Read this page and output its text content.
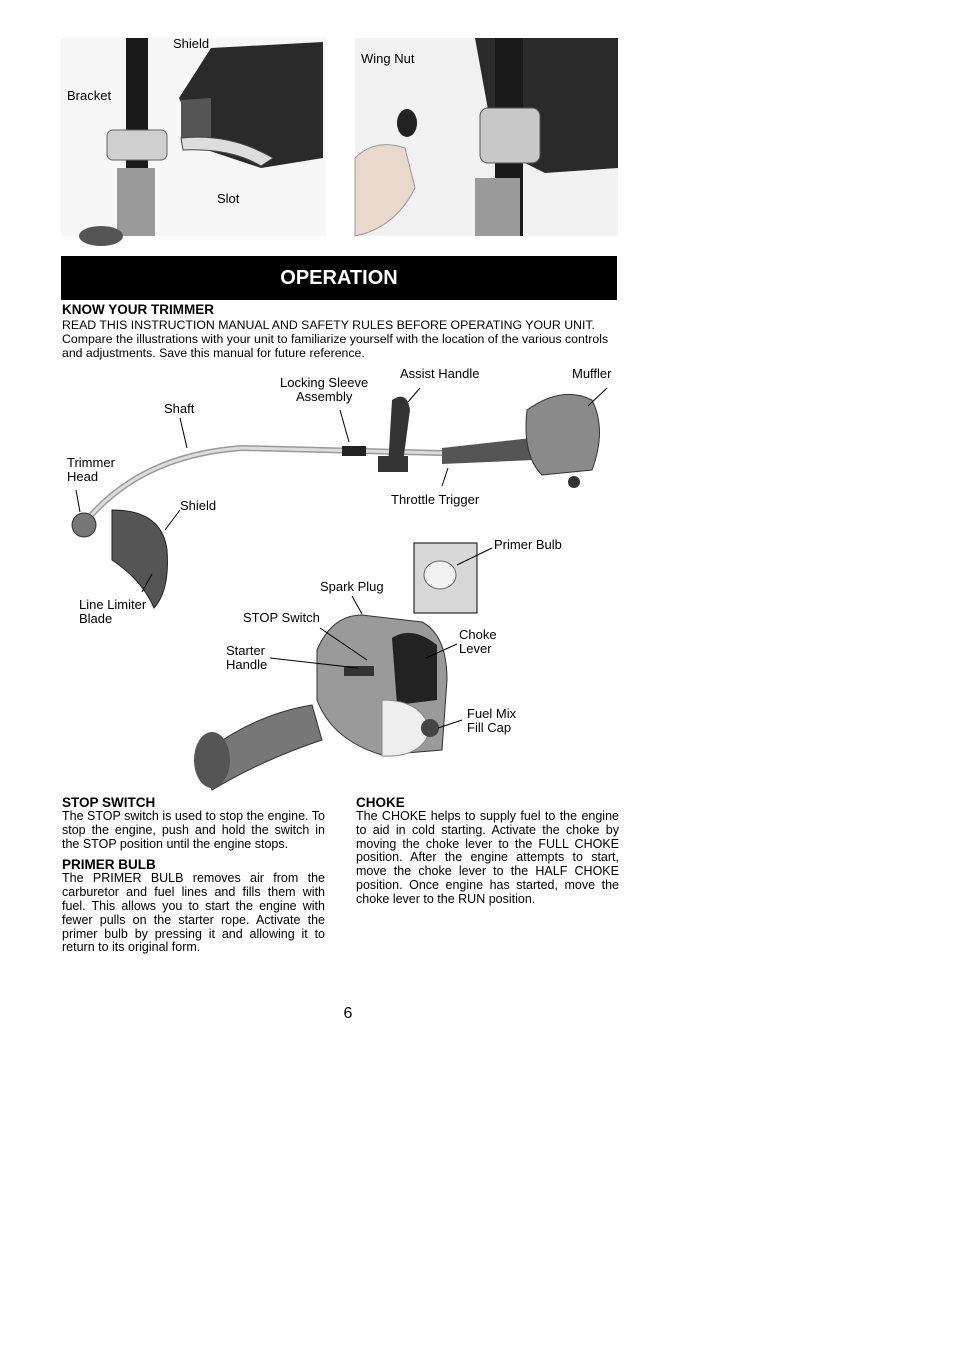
Shield
Bracket
Slot
Wing Nut
OPERATION
KNOW YOUR TRIMMER
READ THIS INSTRUCTION MANUAL AND SAFETY RULES BEFORE OPERATING YOUR UNIT.
Compare the illustrations with your unit to familiarize yourself with the location of the various controls
and adjustments. Save this manual for future reference.
Locking Sleeve
Assembly
Assist Handle	Muffler
Shaft
Trimmer
Head
Shield	Throttle Trigger
Primer Bulb
Spark Plug
Line Limiter
Blade	STOP Switch
Choke
Lever
Starter
Handle
Fuel Mix
Fill Cap
STOP SWITCH
The STOP switch is used to stop the engine. To stop the engine, push and hold the switch in the STOP position until the engine stops.
PRIMER BULB
The PRIMER BULB removes air from the carburetor and fuel lines and fills them with fuel. This allows you to start the engine with fewer pulls on the starter rope. Activate the primer bulb by pressing it and allowing it to return to its original form.
CHOKE
The CHOKE helps to supply fuel to the engine to aid in cold starting. Activate the choke by moving the choke lever to the FULL CHOKE position. After the engine attempts to start, move the choke lever to the HALF CHOKE position. Once engine has started, move the choke lever to the RUN position.
6
